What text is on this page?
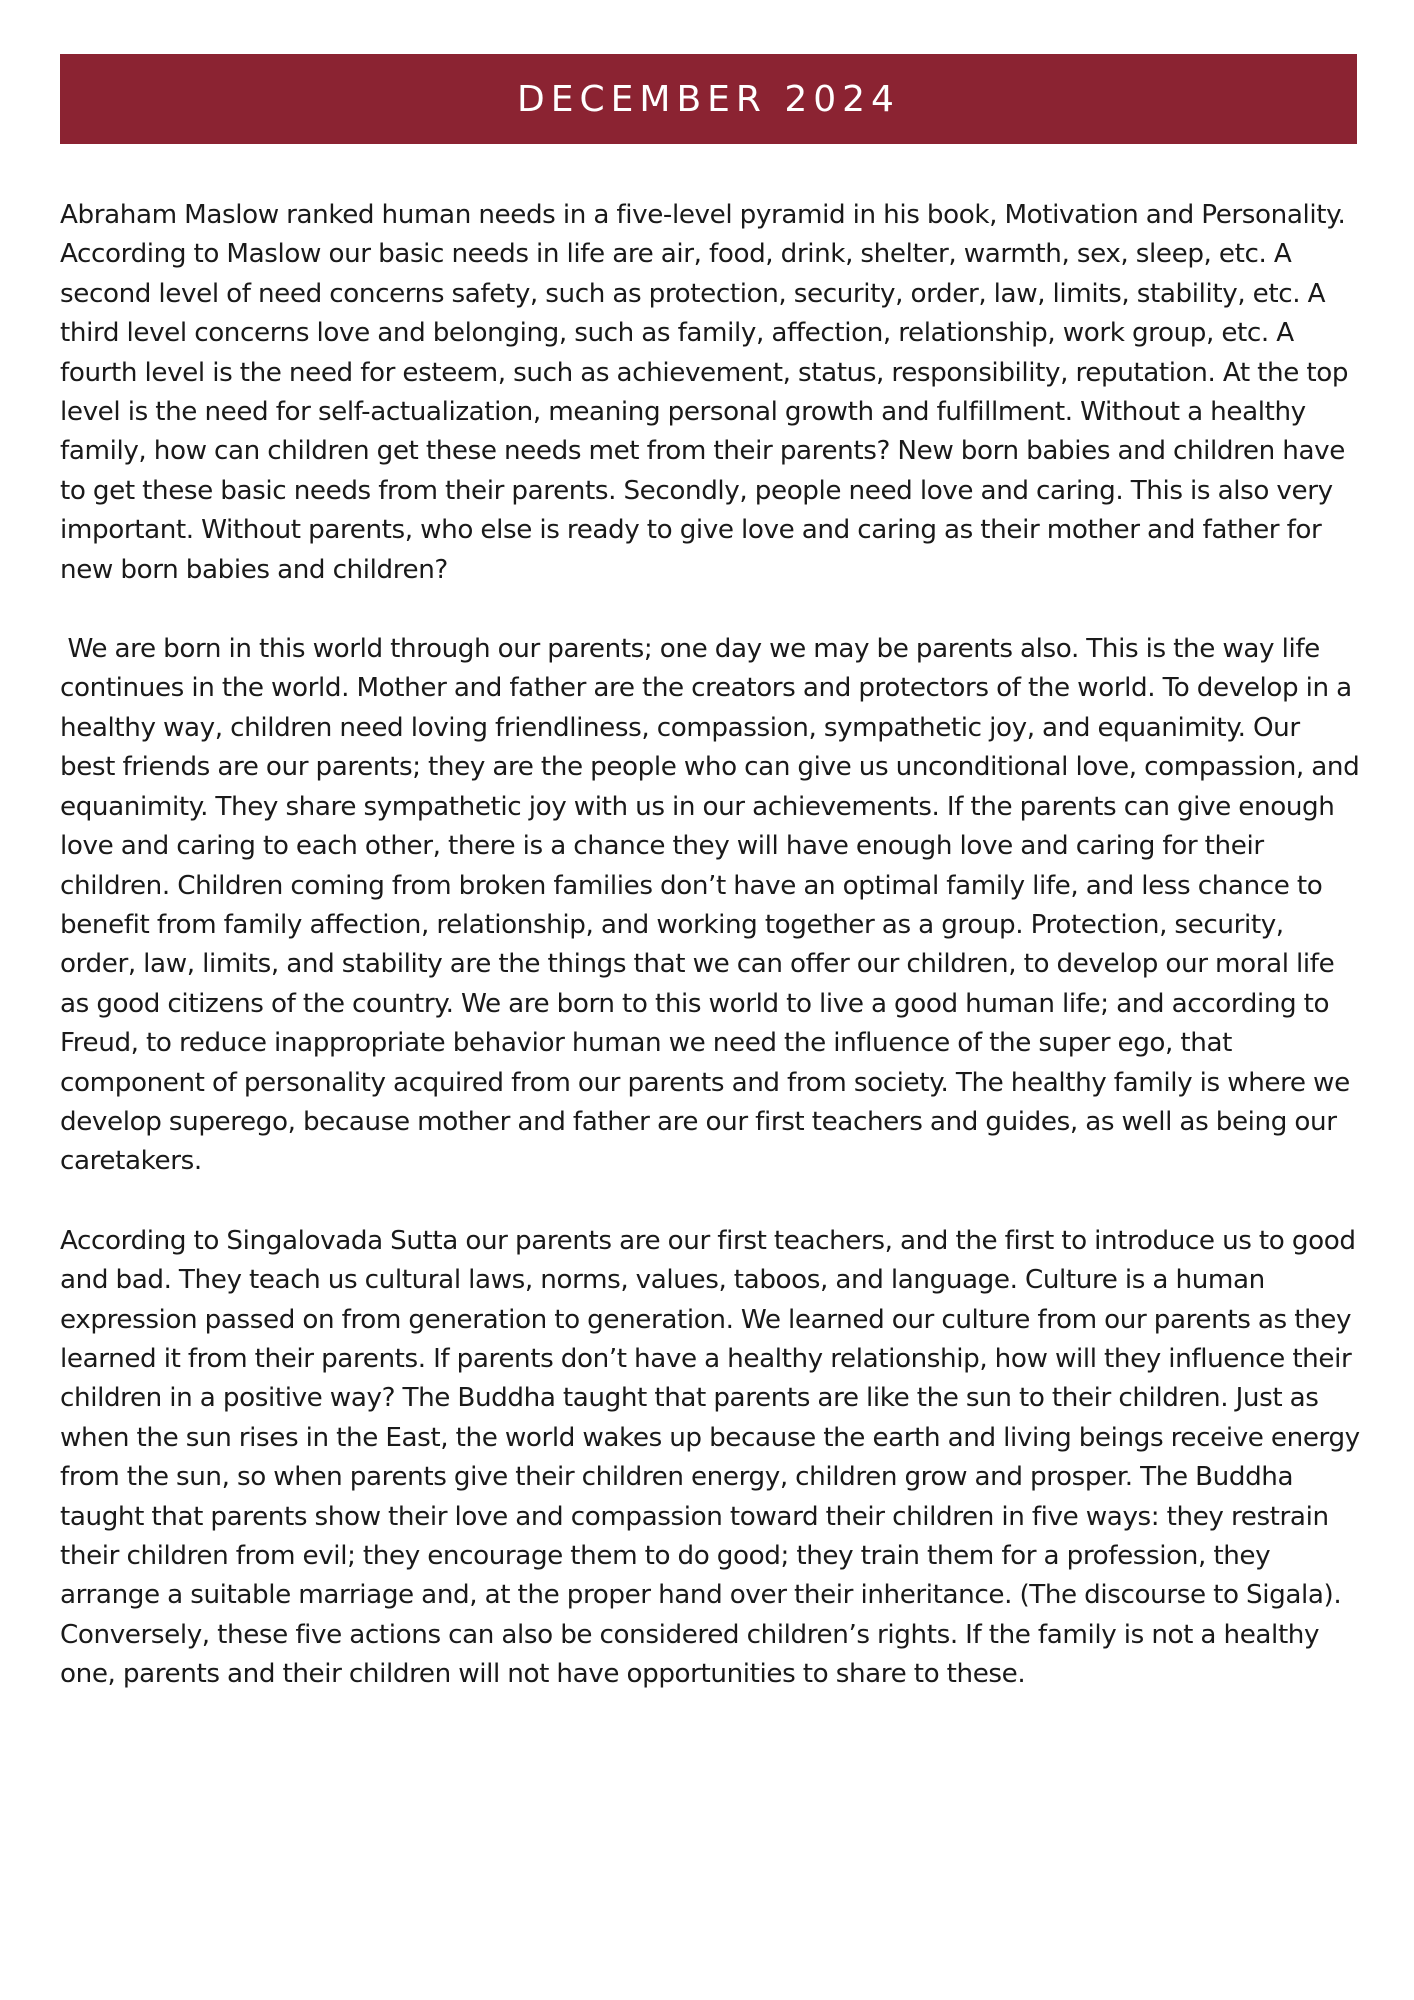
DECEMBER 2024

Abraham Maslow ranked human needs in a five-level pyramid in his book, Motivation and Personality. According to Maslow our basic needs in life are air, food, drink, shelter, warmth, sex, sleep, etc. A second level of need concerns safety, such as protection, security, order, law, limits, stability, etc. A third level concerns love and belonging, such as family, affection, relationship, work group, etc. A fourth level is the need for esteem, such as achievement, status, responsibility, reputation. At the top level is the need for self-actualization, meaning personal growth and fulfillment. Without a healthy family, how can children get these needs met from their parents? New born babies and children have to get these basic needs from their parents. Secondly, people need love and caring. This is also very important. Without parents, who else is ready to give love and caring as their mother and father for new born babies and children?

We are born in this world through our parents; one day we may be parents also. This is the way life continues in the world. Mother and father are the creators and protectors of the world. To develop in a healthy way, children need loving friendliness, compassion, sympathetic joy, and equanimity. Our best friends are our parents; they are the people who can give us unconditional love, compassion, and equanimity. They share sympathetic joy with us in our achievements. If the parents can give enough love and caring to each other, there is a chance they will have enough love and caring for their children. Children coming from broken families don’t have an optimal family life, and less chance to benefit from family affection, relationship, and working together as a group. Protection, security, order, law, limits, and stability are the things that we can offer our children, to develop our moral life as good citizens of the country. We are born to this world to live a good human life; and according to Freud, to reduce inappropriate behavior human we need the influence of the super ego, that component of personality acquired from our parents and from society. The healthy family is where we develop superego, because mother and father are our first teachers and guides, as well as being our caretakers.

According to Singalovada Sutta our parents are our first teachers, and the first to introduce us to good and bad. They teach us cultural laws, norms, values, taboos, and language. Culture is a human expression passed on from generation to generation. We learned our culture from our parents as they learned it from their parents. If parents don’t have a healthy relationship, how will they influence their children in a positive way? The Buddha taught that parents are like the sun to their children. Just as when the sun rises in the East, the world wakes up because the earth and living beings receive energy from the sun, so when parents give their children energy, children grow and prosper. The Buddha taught that parents show their love and compassion toward their children in five ways: they restrain their children from evil; they encourage them to do good; they train them for a profession, they arrange a suitable marriage and, at the proper hand over their inheritance. (The discourse to Sigala). Conversely, these five actions can also be considered children’s rights. If the family is not a healthy one, parents and their children will not have opportunities to share to these.
